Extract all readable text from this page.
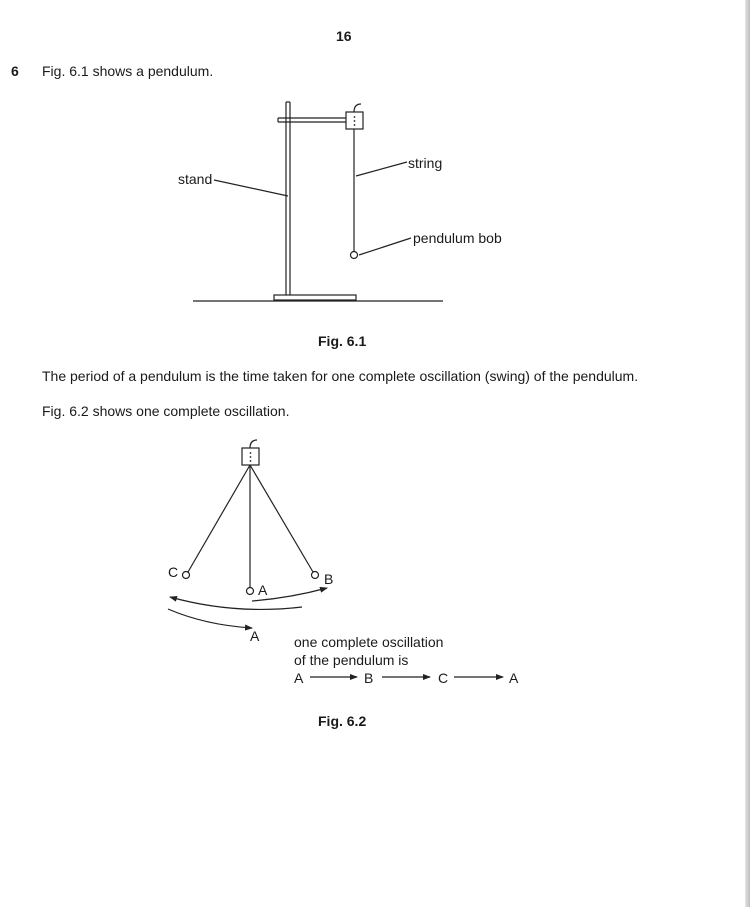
16
6 Fig. 6.1 shows a pendulum.
stand
string
pendulum bob
Fig. 6.1
The period of a pendulum is the time taken for one complete oscillation (swing) of the pendulum.
Fig. 6.2 shows one complete oscillation.
C
A
B
A one complete oscillation
of the pendulum is
A	B	C	A
Fig. 6.2
